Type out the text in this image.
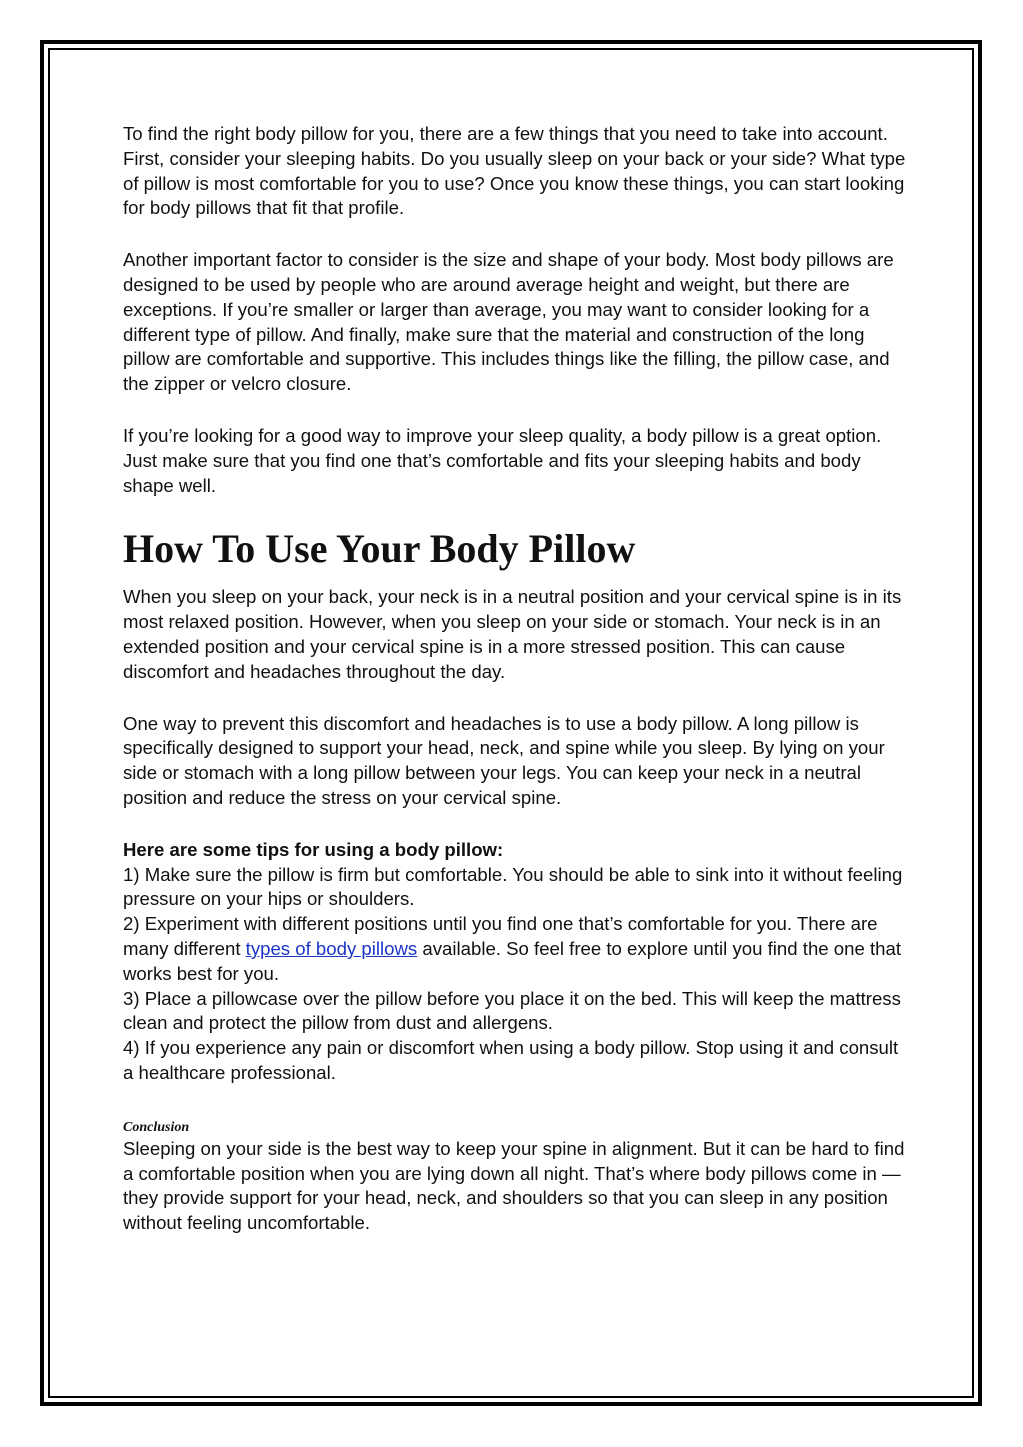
To find the right body pillow for you, there are a few things that you need to take into account. First, consider your sleeping habits. Do you usually sleep on your back or your side? What type of pillow is most comfortable for you to use? Once you know these things, you can start looking for body pillows that fit that profile.

Another important factor to consider is the size and shape of your body. Most body pillows are designed to be used by people who are around average height and weight, but there are exceptions. If you’re smaller or larger than average, you may want to consider looking for a different type of pillow. And finally, make sure that the material and construction of the long pillow are comfortable and supportive. This includes things like the filling, the pillow case, and the zipper or velcro closure.

If you’re looking for a good way to improve your sleep quality, a body pillow is a great option. Just make sure that you find one that’s comfortable and fits your sleeping habits and body shape well.

How To Use Your Body Pillow

When you sleep on your back, your neck is in a neutral position and your cervical spine is in its most relaxed position. However, when you sleep on your side or stomach. Your neck is in an extended position and your cervical spine is in a more stressed position. This can cause discomfort and headaches throughout the day.

One way to prevent this discomfort and headaches is to use a body pillow. A long pillow is specifically designed to support your head, neck, and spine while you sleep. By lying on your side or stomach with a long pillow between your legs. You can keep your neck in a neutral position and reduce the stress on your cervical spine.

Here are some tips for using a body pillow:
1) Make sure the pillow is firm but comfortable. You should be able to sink into it without feeling pressure on your hips or shoulders.
2) Experiment with different positions until you find one that’s comfortable for you. There are many different types of body pillows available. So feel free to explore until you find the one that works best for you.
3) Place a pillowcase over the pillow before you place it on the bed. This will keep the mattress clean and protect the pillow from dust and allergens.
4) If you experience any pain or discomfort when using a body pillow. Stop using it and consult a healthcare professional.
Conclusion
Sleeping on your side is the best way to keep your spine in alignment. But it can be hard to find a comfortable position when you are lying down all night. That’s where body pillows come in — they provide support for your head, neck, and shoulders so that you can sleep in any position without feeling uncomfortable.
